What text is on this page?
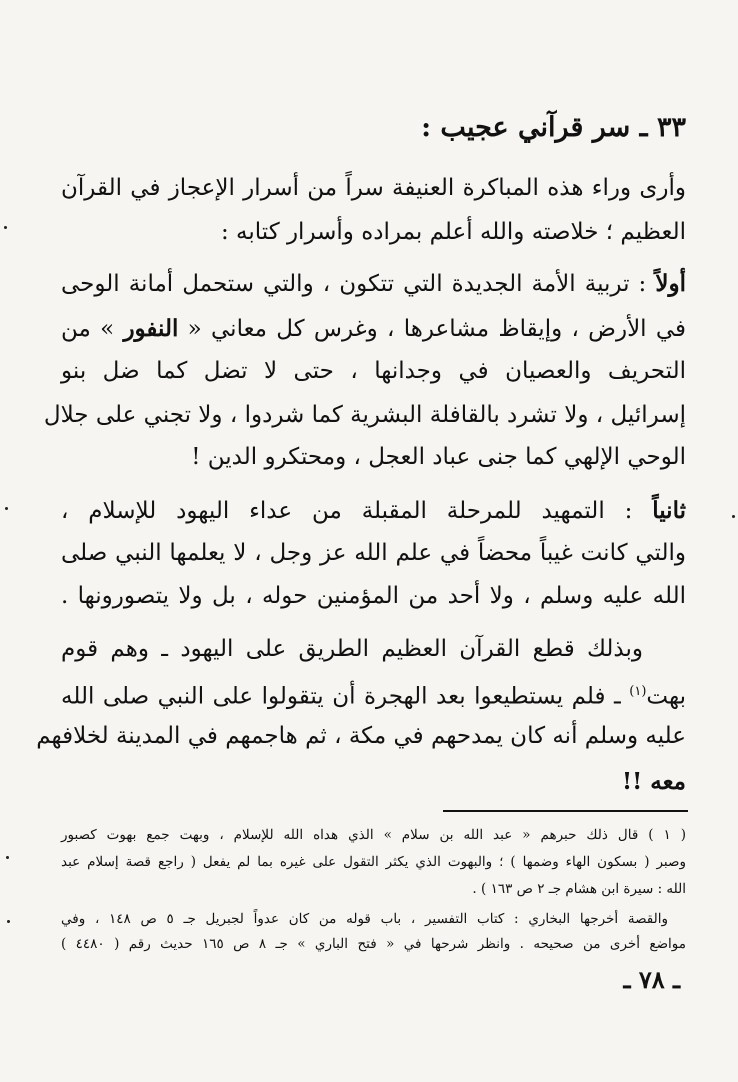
٣٣ ـ سر قرآني عجيب :
وأرى وراء هذه المباكرة العنيفة سراً من أسرار الإعجاز في القرآن
العظيم ؛ خلاصته والله أعلم بمراده وأسرار كتابه :
أولاً : تربية الأمة الجديدة التي تتكون ، والتي ستحمل أمانة الوحى
في الأرض ، وإيقاظ مشاعرها ، وغرس كل معاني « النفور » من
التحريف والعصيان في وجدانها ، حتى لا تضل كما ضل بنو
إسرائيل ، ولا تشرد بالقافلة البشرية كما شردوا ، ولا تجني على جلال
الوحي الإلهي كما جنى عباد العجل ، ومحتكرو الدين !
ثانياً : التمهيد للمرحلة المقبلة من عداء اليهود للإسلام ،
والتي كانت غيباً محضاً في علم الله عز وجل ، لا يعلمها النبي صلى
الله عليه وسلم ، ولا أحد من المؤمنين حوله ، بل ولا يتصورونها .
وبذلك قطع القرآن العظيم الطريق على اليهود ـ وهم قوم
بهت$^{(١)}$ ـ فلم يستطيعوا بعد الهجرة أن يتقولوا على النبي صلى الله
عليه وسلم أنه كان يمدحهم في مكة ، ثم هاجمهم في المدينة لخلافهم
معه !!
( ١ ) قال ذلك حبرهم « عبد الله بن سلام » الذي هداه الله للإسلام ، وبهت جمع بهوت كصبور
وصبر ( بسكون الهاء وضمها ) ؛ والبهوت الذي يكثر التقول على غيره بما لم يفعل ( راجع قصة إسلام عبد
الله : سيرة ابن هشام جـ ٢ ص ١٦٣ ) .
والقصة أخرجها البخاري : كتاب التفسير ، باب قوله من كان عدواً لجبريل جـ ٥ ص ١٤٨ ، وفي
مواضع أخرى من صحيحه . وانظر شرحها في « فتح الباري » جـ ٨ ص ١٦٥ حديث رقم ( ٤٤٨٠ )
ـ ٧٨ ـ
